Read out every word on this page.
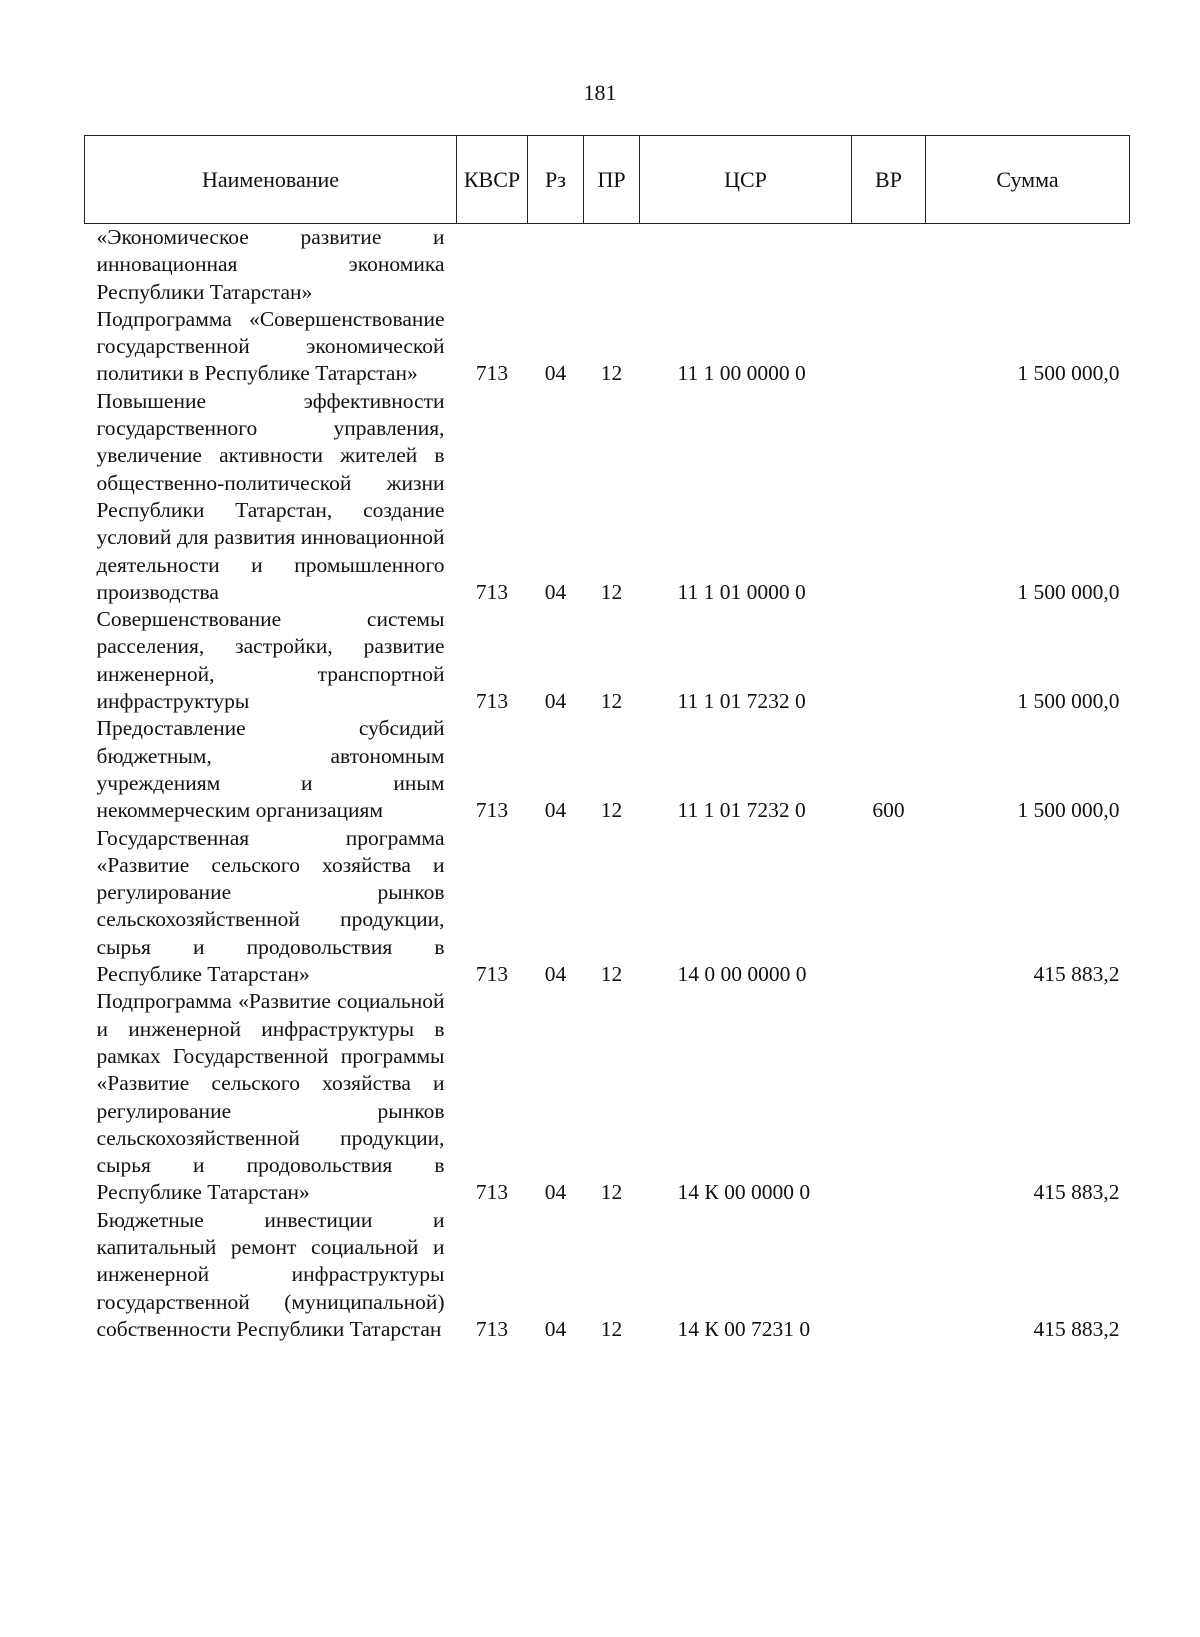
181
Наименование	КВСР	Рз	ПР	ЦСР	ВР	Сумма
«Экономическое развитие и инновационная экономика Республики Татарстан»						
Подпрограмма «Совершенствование государственной экономической политики в Республике Татарстан»	713	04	12	11 1 00 0000 0		1 500 000,0
Повышение эффективности государственного управления, увеличение активности жителей в общественно-политической жизни Республики Татарстан, создание условий для развития инновационной деятельности и промышленного производства	713	04	12	11 1 01 0000 0		1 500 000,0
Совершенствование системы расселения, застройки, развитие инженерной, транспортной инфраструктуры	713	04	12	11 1 01 7232 0		1 500 000,0
Предоставление субсидий бюджетным, автономным учреждениям и иным некоммерческим организациям	713	04	12	11 1 01 7232 0	600	1 500 000,0
Государственная программа «Развитие сельского хозяйства и регулирование рынков сельскохозяйственной продукции, сырья и продовольствия в Республике Татарстан»	713	04	12	14 0 00 0000 0		415 883,2
Подпрограмма «Развитие социальной и инженерной инфраструктуры в рамках Государственной программы «Развитие сельского хозяйства и регулирование рынков сельскохозяйственной продукции, сырья и продовольствия в Республике Татарстан»	713	04	12	14 К 00 0000 0		415 883,2
Бюджетные инвестиции и капитальный ремонт социальной и инженерной инфраструктуры государственной (муниципальной) собственности Республики Татарстан	713	04	12	14 К 00 7231 0		415 883,2
